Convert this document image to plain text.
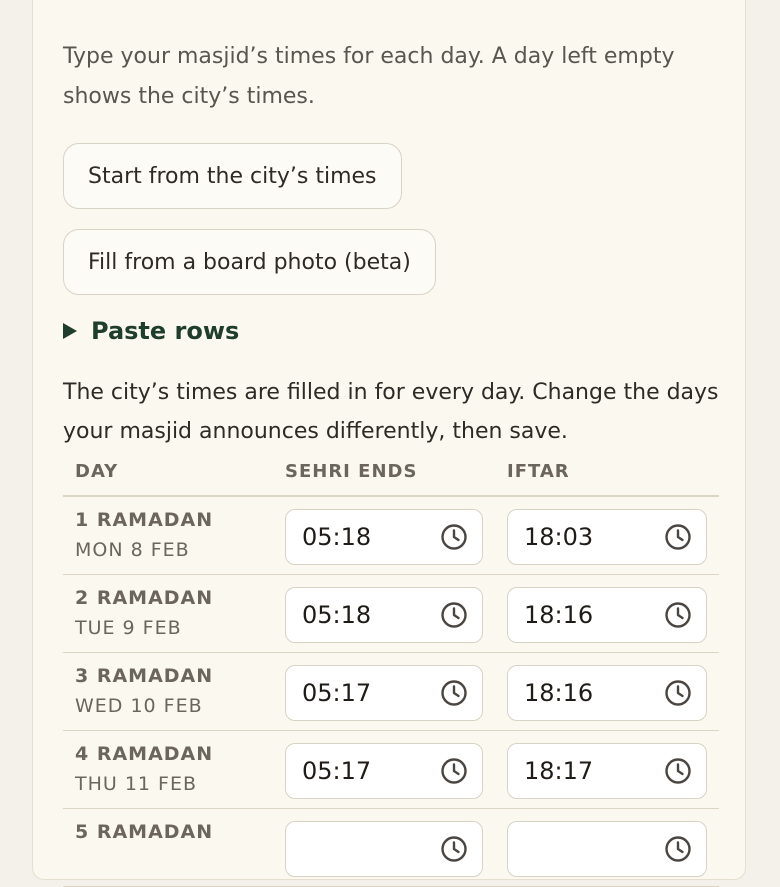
Type your masjid’s times for each day. A day left empty shows the city’s times.

Start from the city’s times
Fill from a board photo (beta)
Paste rows

The city’s times are filled in for every day. Change the days your masjid announces differently, then save.

DAY	SEHRI ENDS	IFTAR
1 RAMADAN
MON 8 FEB	05:18	18:03
2 RAMADAN
TUE 9 FEB	05:18	18:16
3 RAMADAN
WED 10 FEB	05:17	18:16
4 RAMADAN
THU 11 FEB	05:17	18:17
5 RAMADAN
